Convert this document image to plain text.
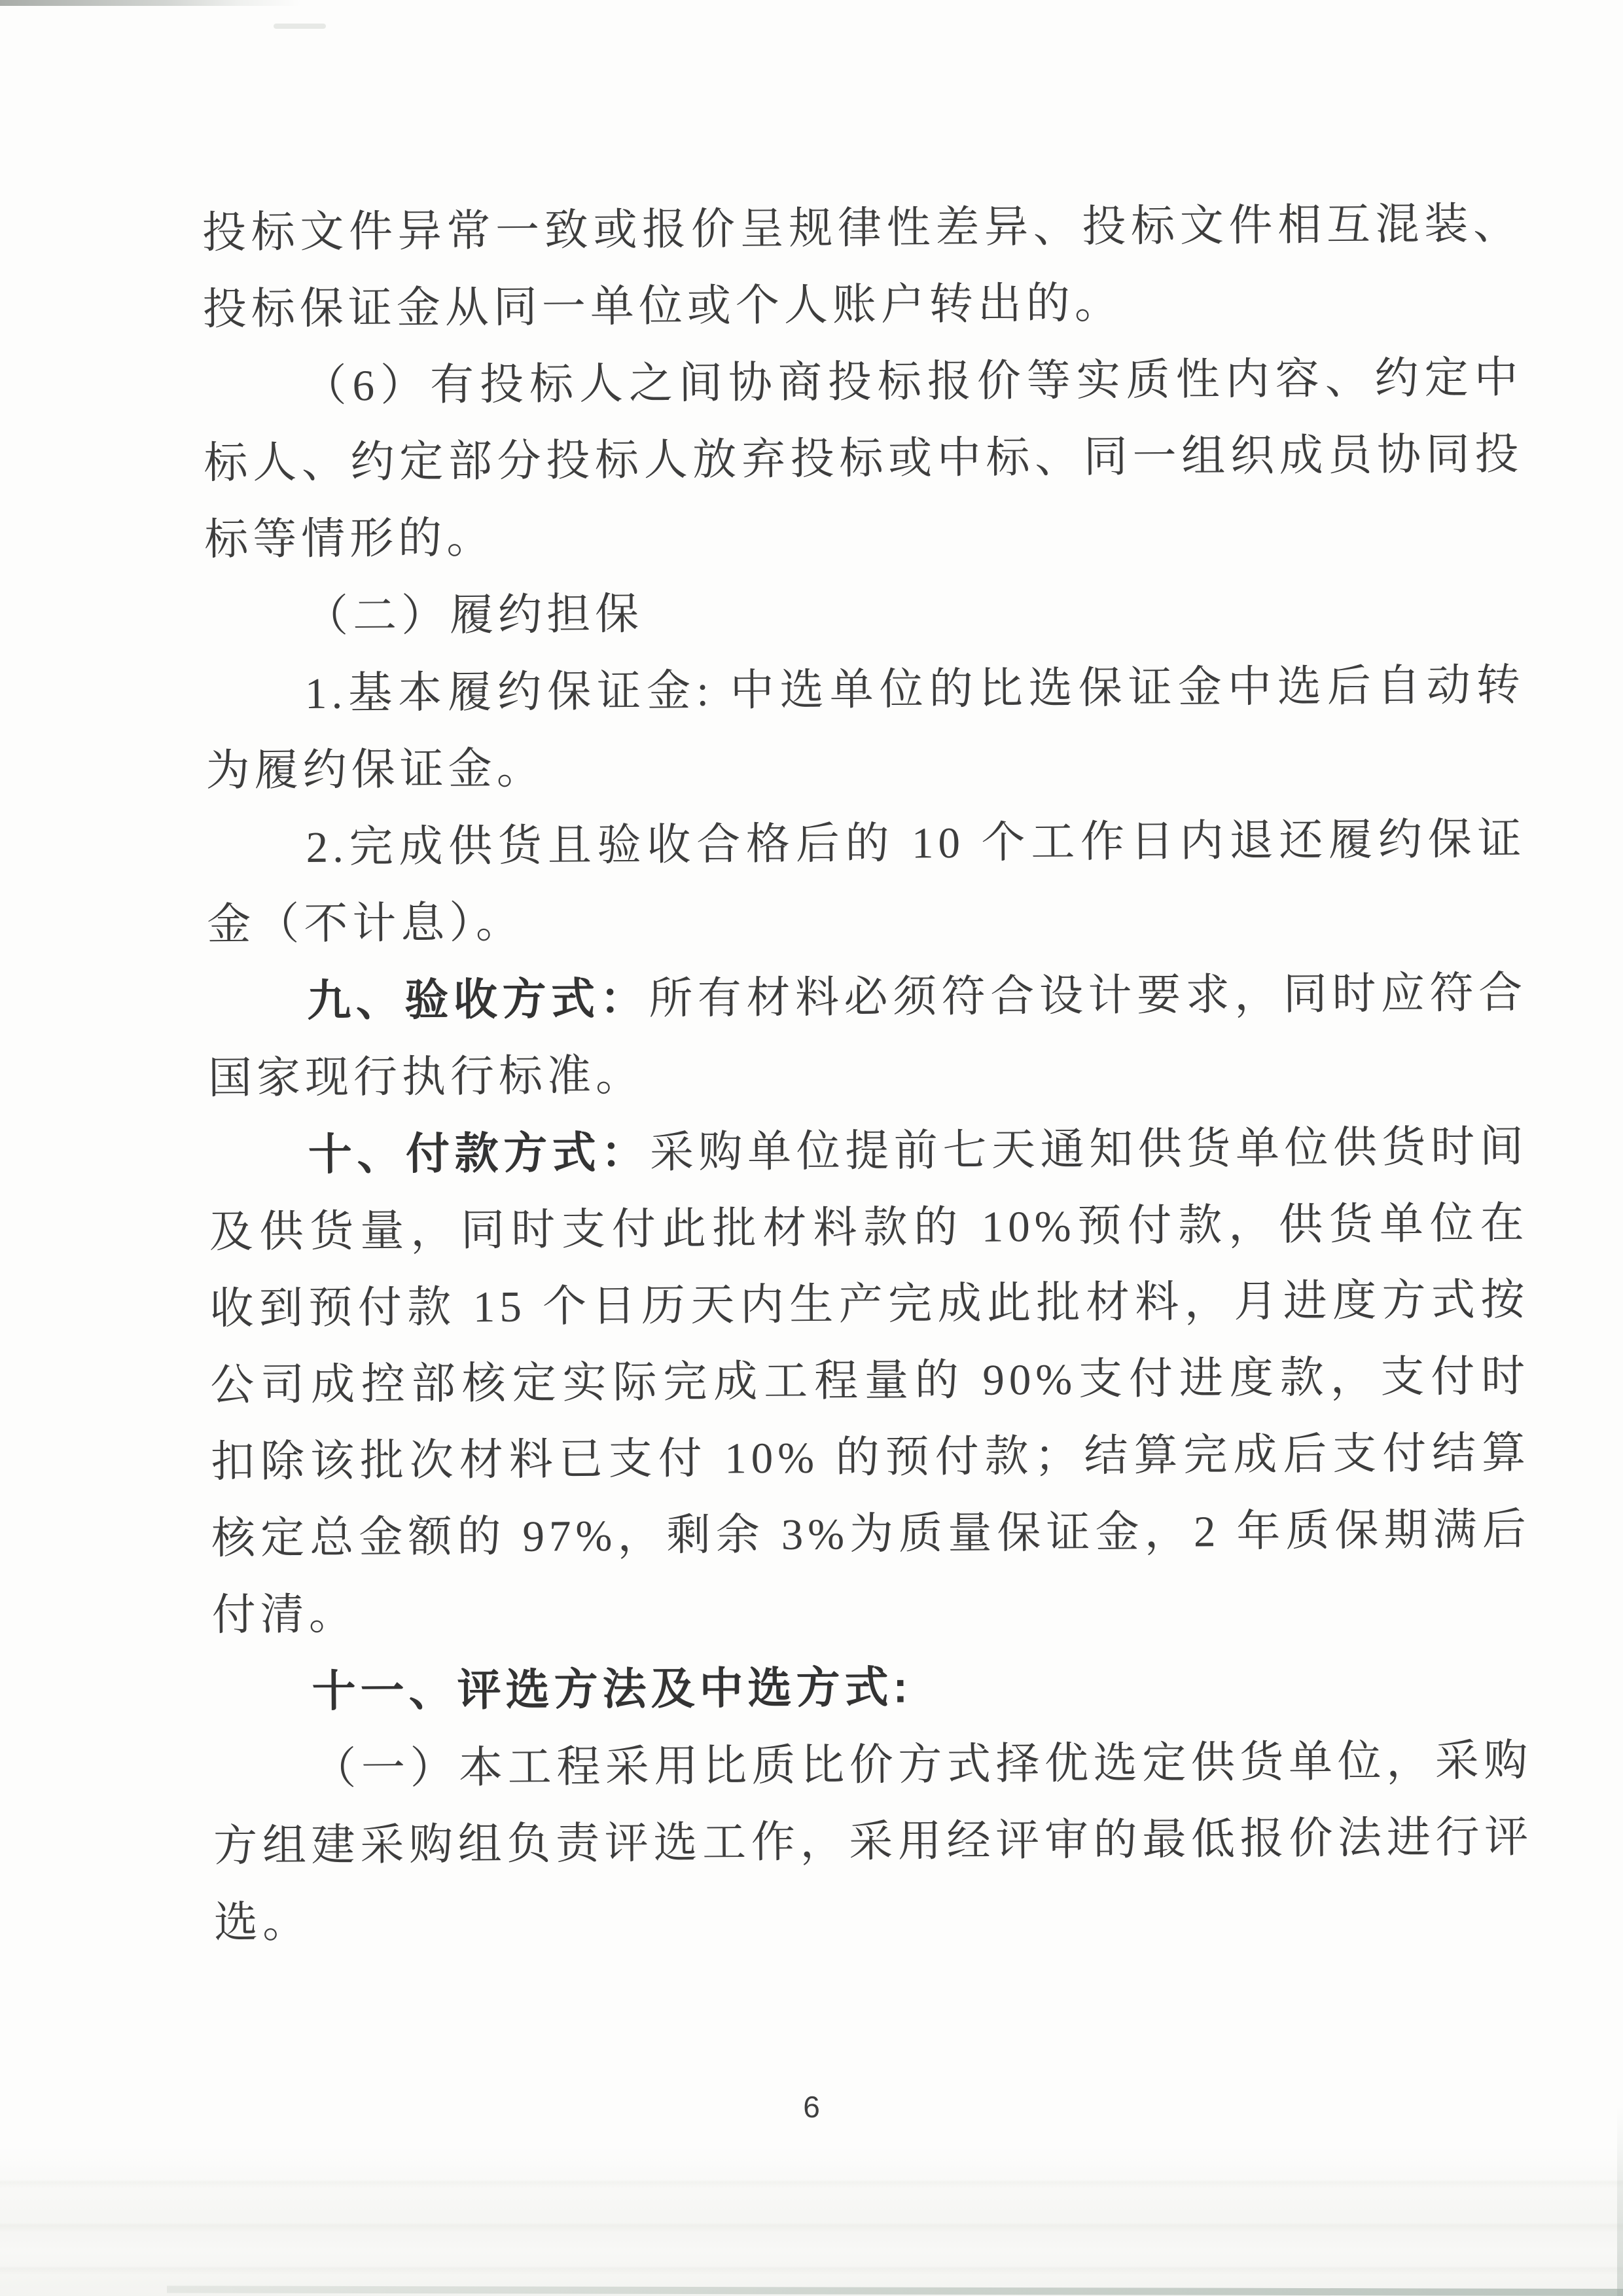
投标文件异常一致或报价呈规律性差异、投标文件相互混装、投标保证金从同一单位或个人账户转出的。

（6）有投标人之间协商投标报价等实质性内容、约定中标人、约定部分投标人放弃投标或中标、同一组织成员协同投标等情形的。

（二）履约担保

1.基本履约保证金: 中选单位的比选保证金中选后自动转为履约保证金。

2.完成供货且验收合格后的 10 个工作日内退还履约保证金（不计息）。

九、验收方式：所有材料必须符合设计要求，同时应符合国家现行执行标准。

十、付款方式：采购单位提前七天通知供货单位供货时间及供货量，同时支付此批材料款的 10%预付款，供货单位在收到预付款 15 个日历天内生产完成此批材料，月进度方式按公司成控部核定实际完成工程量的 90%支付进度款，支付时扣除该批次材料已支付 10% 的预付款；结算完成后支付结算核定总金额的 97%，剩余 3%为质量保证金，2 年质保期满后付清。

十一、评选方法及中选方式:

（一）本工程采用比质比价方式择优选定供货单位，采购方组建采购组负责评选工作，采用经评审的最低报价法进行评选。

6
